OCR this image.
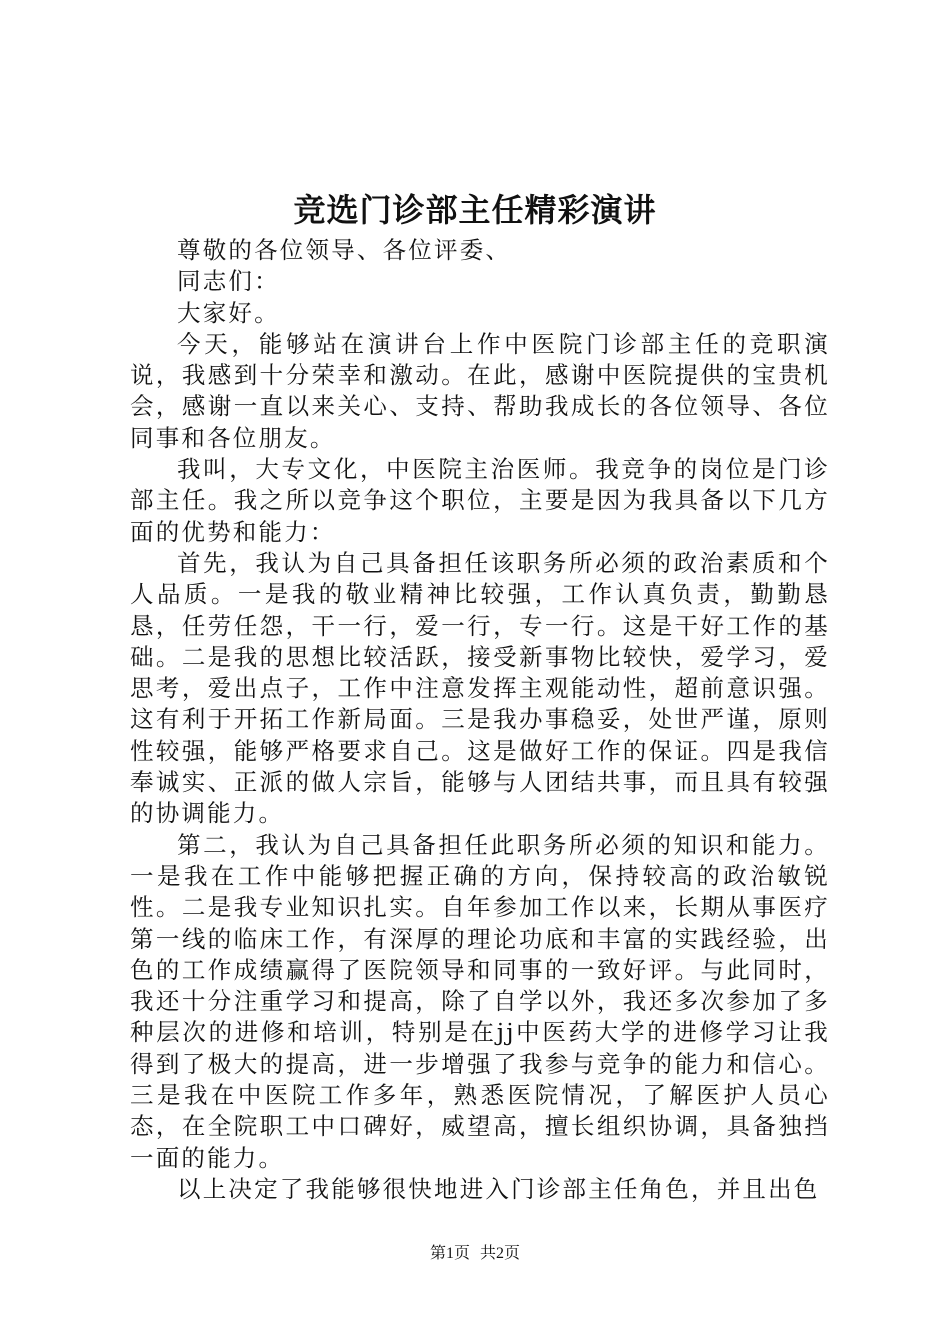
竞选门诊部主任精彩演讲

尊敬的各位领导、各位评委、

同志们：

大家好。

今天，能够站在演讲台上作中医院门诊部主任的竞职演说，我感到十分荣幸和激动。在此，感谢中医院提供的宝贵机会，感谢一直以来关心、支持、帮助我成长的各位领导、各位同事和各位朋友。

我叫，大专文化，中医院主治医师。我竞争的岗位是门诊部主任。我之所以竞争这个职位，主要是因为我具备以下几方面的优势和能力：

首先，我认为自己具备担任该职务所必须的政治素质和个人品质。一是我的敬业精神比较强，工作认真负责，勤勤恳恳，任劳任怨，干一行，爱一行，专一行。这是干好工作的基础。二是我的思想比较活跃，接受新事物比较快，爱学习，爱思考，爱出点子，工作中注意发挥主观能动性，超前意识强。这有利于开拓工作新局面。三是我办事稳妥，处世严谨，原则性较强，能够严格要求自己。这是做好工作的保证。四是我信奉诚实、正派的做人宗旨，能够与人团结共事，而且具有较强的协调能力。

第二，我认为自己具备担任此职务所必须的知识和能力。一是我在工作中能够把握正确的方向，保持较高的政治敏锐性。二是我专业知识扎实。自年参加工作以来，长期从事医疗第一线的临床工作，有深厚的理论功底和丰富的实践经验，出色的工作成绩赢得了医院领导和同事的一致好评。与此同时，我还十分注重学习和提高，除了自学以外，我还多次参加了多种层次的进修和培训，特别是在jj中医药大学的进修学习让我得到了极大的提高，进一步增强了我参与竞争的能力和信心。三是我在中医院工作多年，熟悉医院情况，了解医护人员心态，在全院职工中口碑好，威望高，擅长组织协调，具备独挡一面的能力。

以上决定了我能够很快地进入门诊部主任角色，并且出色

第1页 共2页
